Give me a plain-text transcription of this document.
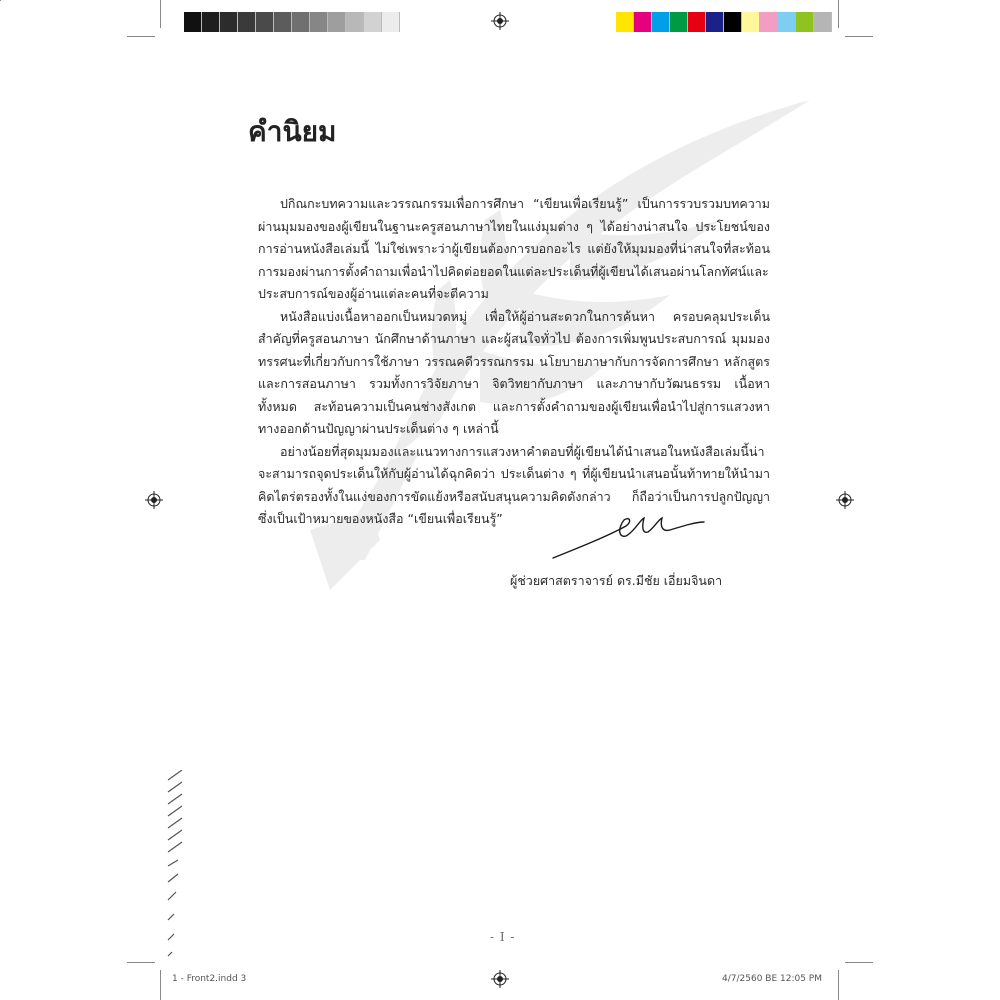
คำนิยม

ปกิณกะบทความและวรรณกรรมเพื่อการศึกษา “เขียนเพื่อเรียนรู้” เป็นการรวบรวมบทความผ่านมุมมองของผู้เขียนในฐานะครูสอนภาษาไทยในแง่มุมต่าง ๆ ได้อย่างน่าสนใจ ประโยชน์ของการอ่านหนังสือเล่มนี้ ไม่ใช่เพราะว่าผู้เขียนต้องการบอกอะไร แต่ยังให้มุมมองที่น่าสนใจที่สะท้อนการมองผ่านการตั้งคำถามเพื่อนำไปคิดต่อยอดในแต่ละประเด็นที่ผู้เขียนได้เสนอผ่านโลกทัศน์และประสบการณ์ของผู้อ่านแต่ละคนที่จะตีความ

หนังสือแบ่งเนื้อหาออกเป็นหมวดหมู่ เพื่อให้ผู้อ่านสะดวกในการค้นหา ครอบคลุมประเด็นสำคัญที่ครูสอนภาษา นักศึกษาด้านภาษา และผู้สนใจทั่วไป ต้องการเพิ่มพูนประสบการณ์ มุมมอง ทรรศนะที่เกี่ยวกับการใช้ภาษา วรรณคดีวรรณกรรม นโยบายภาษากับการจัดการศึกษา หลักสูตร และการสอนภาษา รวมทั้งการวิจัยภาษา จิตวิทยากับภาษา และภาษากับวัฒนธรรม เนื้อหาทั้งหมด สะท้อนความเป็นคนช่างสังเกต และการตั้งคำถามของผู้เขียนเพื่อนำไปสู่การแสวงหาทางออกด้านปัญญาผ่านประเด็นต่าง ๆ เหล่านี้

อย่างน้อยที่สุดมุมมองและแนวทางการแสวงหาคำตอบที่ผู้เขียนได้นำเสนอในหนังสือเล่มนี้น่าจะสามารถจุดประเด็นให้กับผู้อ่านได้ฉุกคิดว่า ประเด็นต่าง ๆ ที่ผู้เขียนนำเสนอนั้นท้าทายให้นำมาคิดไตร่ตรองทั้งในแง่ของการขัดแย้งหรือสนับสนุนความคิดดังกล่าว ก็ถือว่าเป็นการปลูกปัญญา ซึ่งเป็นเป้าหมายของหนังสือ “เขียนเพื่อเรียนรู้”

ผู้ช่วยศาสตราจารย์ ดร.มีชัย เอี่ยมจินดา
- I -
1 - Front2.indd 3	4/7/2560 BE 12:05 PM
